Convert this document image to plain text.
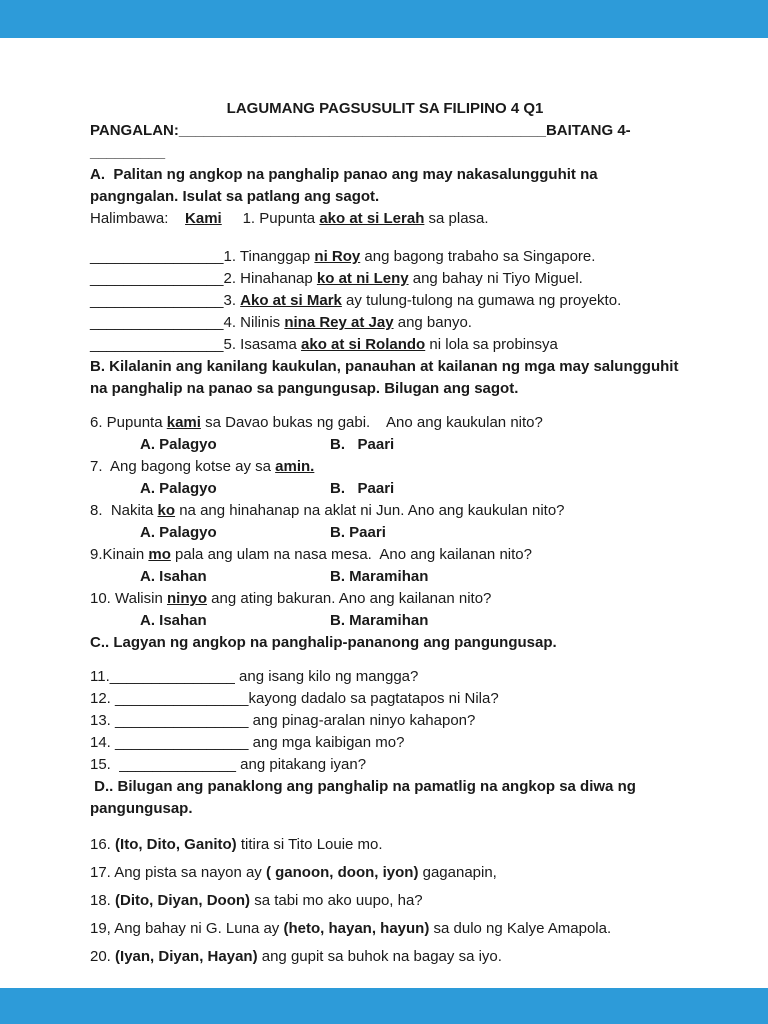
LAGUMANG PAGSUSULIT SA FILIPINO 4 Q1

PANGALAN:____________________________________________BAITANG 4-_________

A.  Palitan ng angkop na panghalip panao ang may nakasalungguhit na pangngalan. Isulat sa patlang ang sagot.

Halimbawa:    Kami     1. Pupunta ako at si Lerah sa plasa.

________________1. Tinanggap ni Roy ang bagong trabaho sa Singapore.

________________2. Hinahanap ko at ni Leny ang bahay ni Tiyo Miguel.

________________3. Ako at si Mark ay tulung-tulong na gumawa ng proyekto.

________________4. Nilinis nina Rey at Jay ang banyo.

________________5. Isasama ako at si Rolando ni lola sa probinsya

B. Kilalanin ang kanilang kaukulan, panauhan at kailanan ng mga may salungguhit na panghalip na panao sa pangungusap. Bilugan ang sagot.

6. Pupunta kami sa Davao bukas ng gabi.    Ano ang kaukulan nito?

A. Palagyo	B.   Paari

7.  Ang bagong kotse ay sa amin.

A. Palagyo	B.   Paari

8.  Nakita ko na ang hinahanap na aklat ni Jun. Ano ang kaukulan nito?

A. Palagyo	B. Paari

9.Kinain mo pala ang ulam na nasa mesa.  Ano ang kailanan nito?

A. Isahan	B. Maramihan

10. Walisin ninyo ang ating bakuran. Ano ang kailanan nito?

A. Isahan	B. Maramihan

C.. Lagyan ng angkop na panghalip-pananong ang pangungusap.

11._______________ ang isang kilo ng mangga?

12. ________________kayong dadalo sa pagtatapos ni Nila?

13. ________________ ang pinag-aralan ninyo kahapon?

14. ________________ ang mga kaibigan mo?

15.  ______________ ang pitakang iyan?

D.. Bilugan ang panaklong ang panghalip na pamatlig na angkop sa diwa ng pangungusap.

16. (Ito, Dito, Ganito) titira si Tito Louie mo.

17. Ang pista sa nayon ay ( ganoon, doon, iyon) gaganapin,

18. (Dito, Diyan, Doon) sa tabi mo ako uupo, ha?

19, Ang bahay ni G. Luna ay (heto, hayan, hayun) sa dulo ng Kalye Amapola.

20. (Iyan, Diyan, Hayan) ang gupit sa buhok na bagay sa iyo.
